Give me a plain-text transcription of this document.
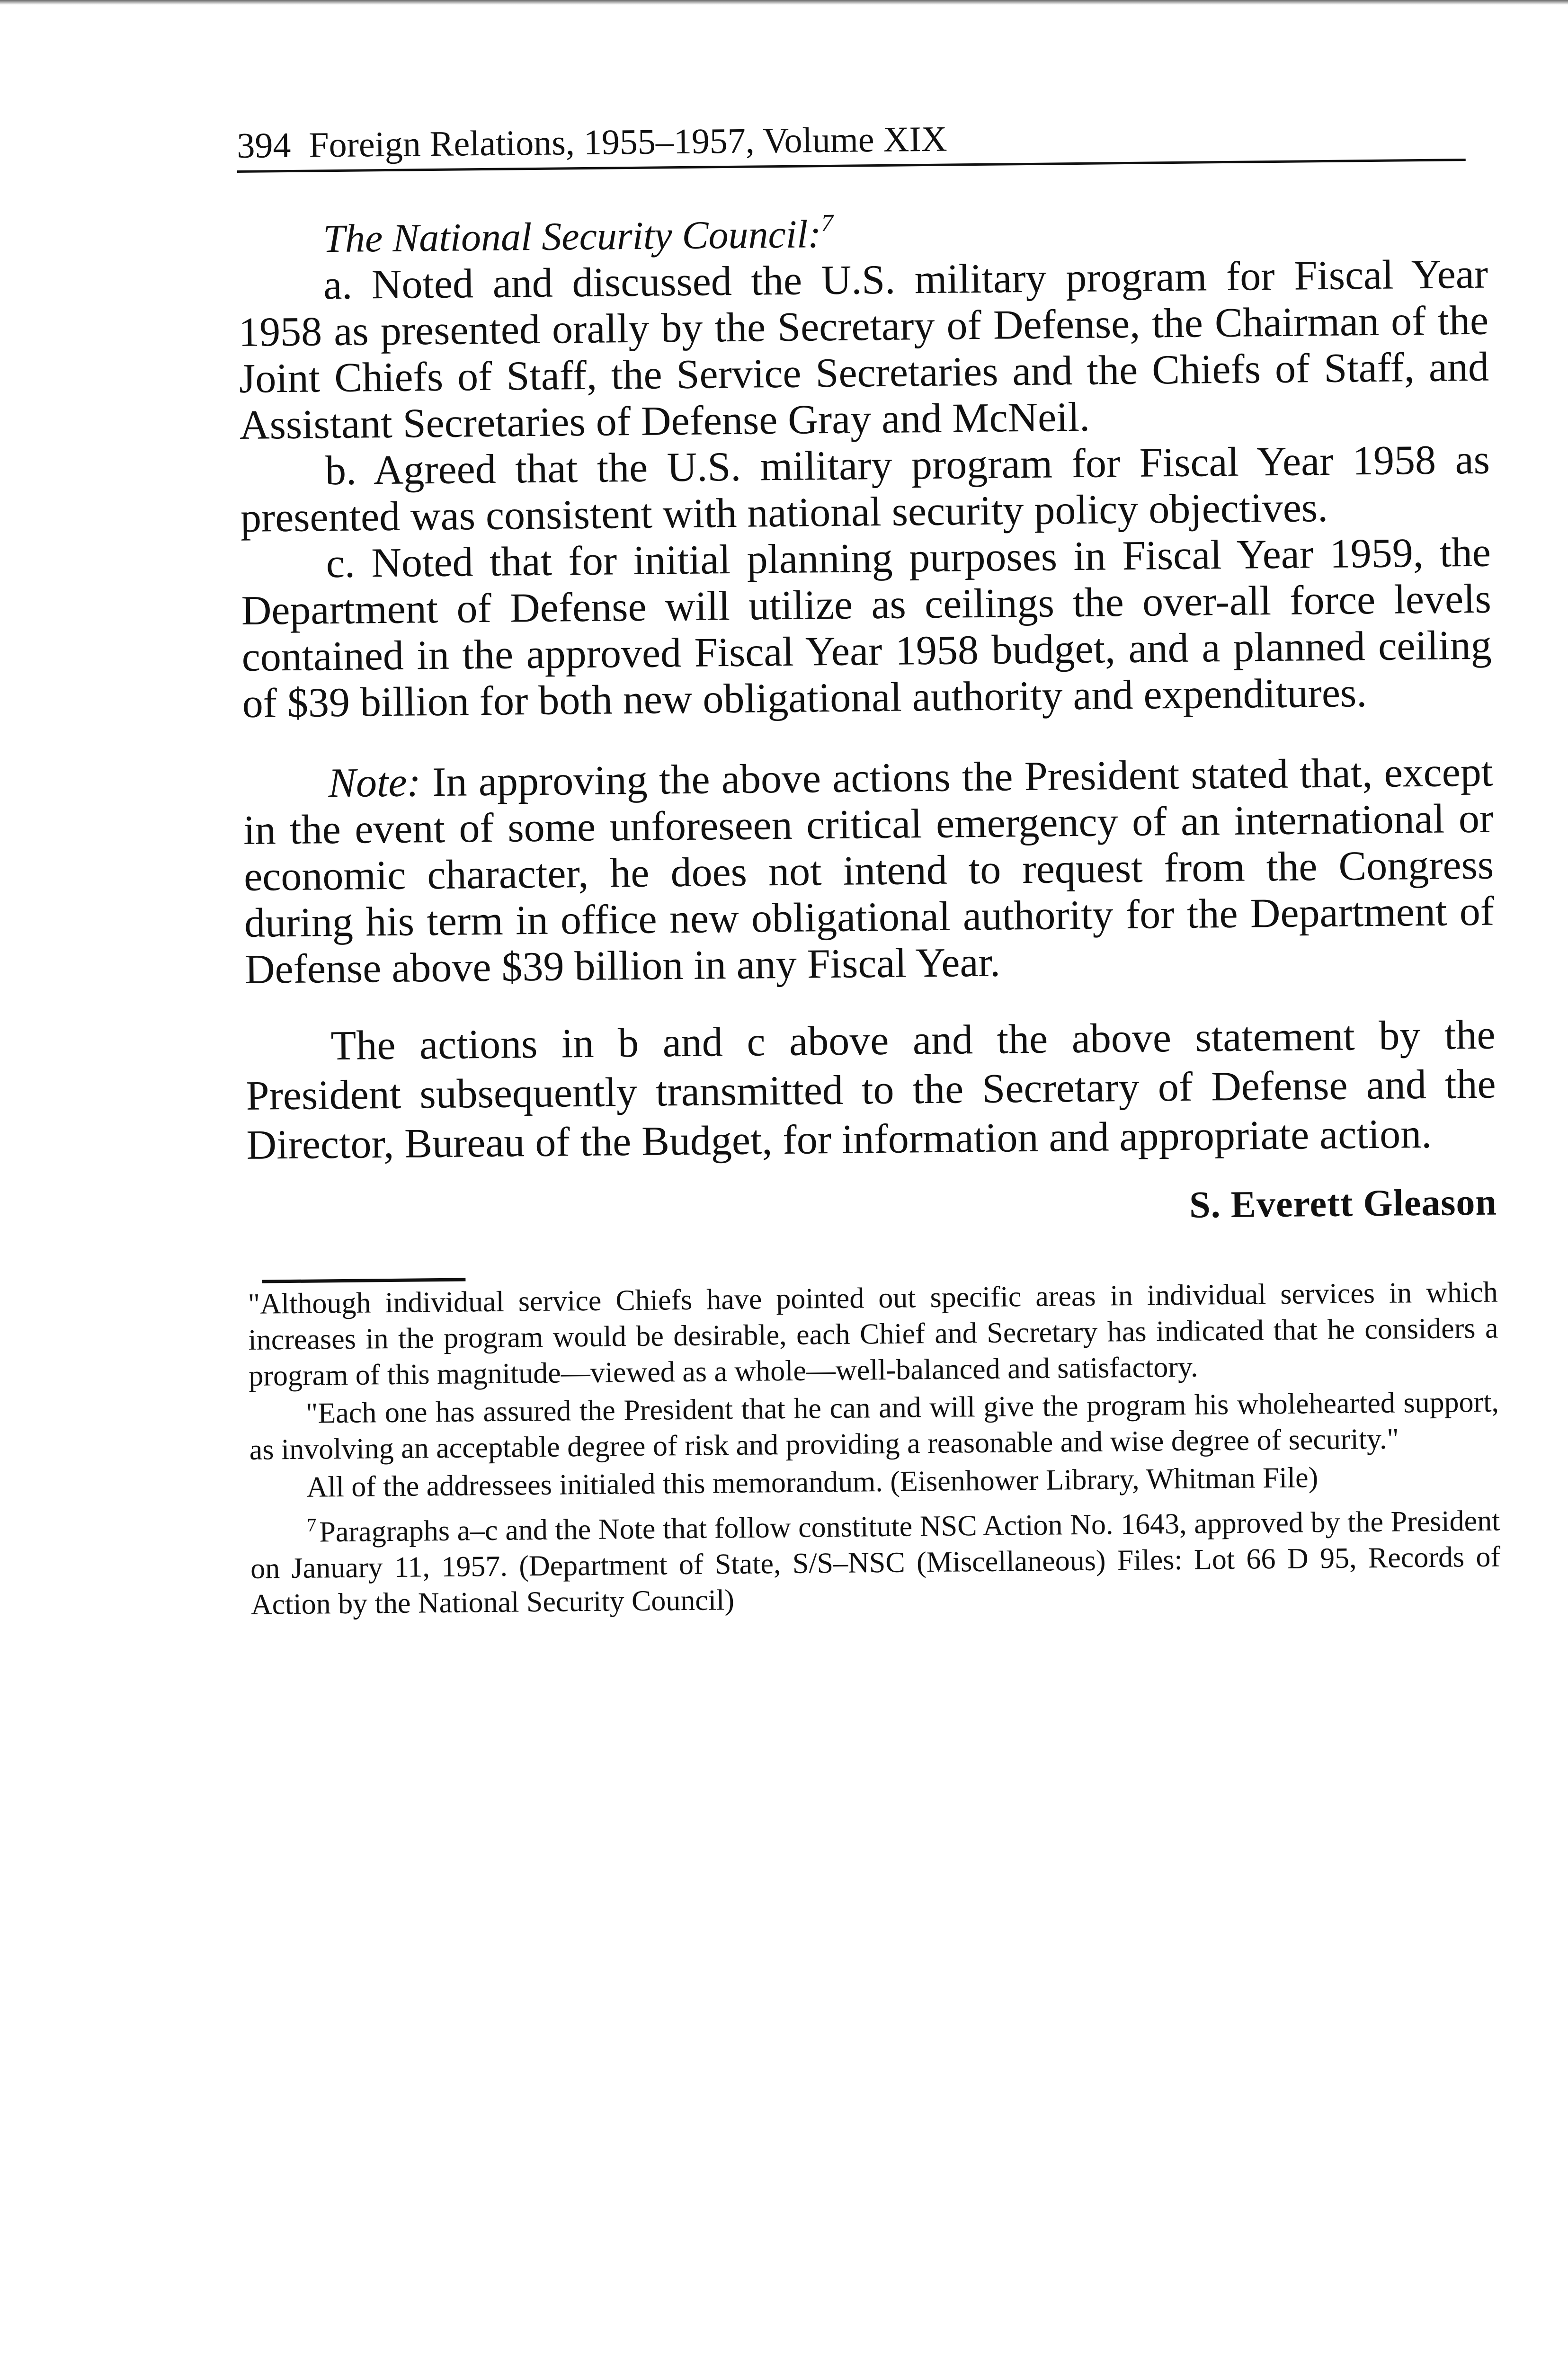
394 Foreign Relations, 1955–1957, Volume XIX

The National Security Council:$^7$

a. Noted and discussed the U.S. military program for Fiscal Year 1958 as presented orally by the Secretary of Defense, the Chairman of the Joint Chiefs of Staff, the Service Secretaries and the Chiefs of Staff, and Assistant Secretaries of Defense Gray and McNeil.

b. Agreed that the U.S. military program for Fiscal Year 1958 as presented was consistent with national security policy objectives.

c. Noted that for initial planning purposes in Fiscal Year 1959, the Department of Defense will utilize as ceilings the over-all force levels contained in the approved Fiscal Year 1958 budget, and a planned ceiling of $39 billion for both new obligational authority and expenditures.

Note: In approving the above actions the President stated that, except in the event of some unforeseen critical emergency of an international or economic character, he does not intend to request from the Congress during his term in office new obligational authority for the Department of Defense above $39 billion in any Fiscal Year.

The actions in b and c above and the above statement by the President subsequently transmitted to the Secretary of Defense and the Director, Bureau of the Budget, for information and appropriate action.

S. Everett Gleason

"Although individual service Chiefs have pointed out specific areas in individual services in which increases in the program would be desirable, each Chief and Secretary has indicated that he considers a program of this magnitude—viewed as a whole—well-balanced and satisfactory.

"Each one has assured the President that he can and will give the program his wholehearted support, as involving an acceptable degree of risk and providing a reasonable and wise degree of security."

All of the addressees initialed this memorandum. (Eisenhower Library, Whitman File)

$^7$Paragraphs a–c and the Note that follow constitute NSC Action No. 1643, approved by the President on January 11, 1957. (Department of State, S/S–NSC (Miscellaneous) Files: Lot 66 D 95, Records of Action by the National Security Council)
